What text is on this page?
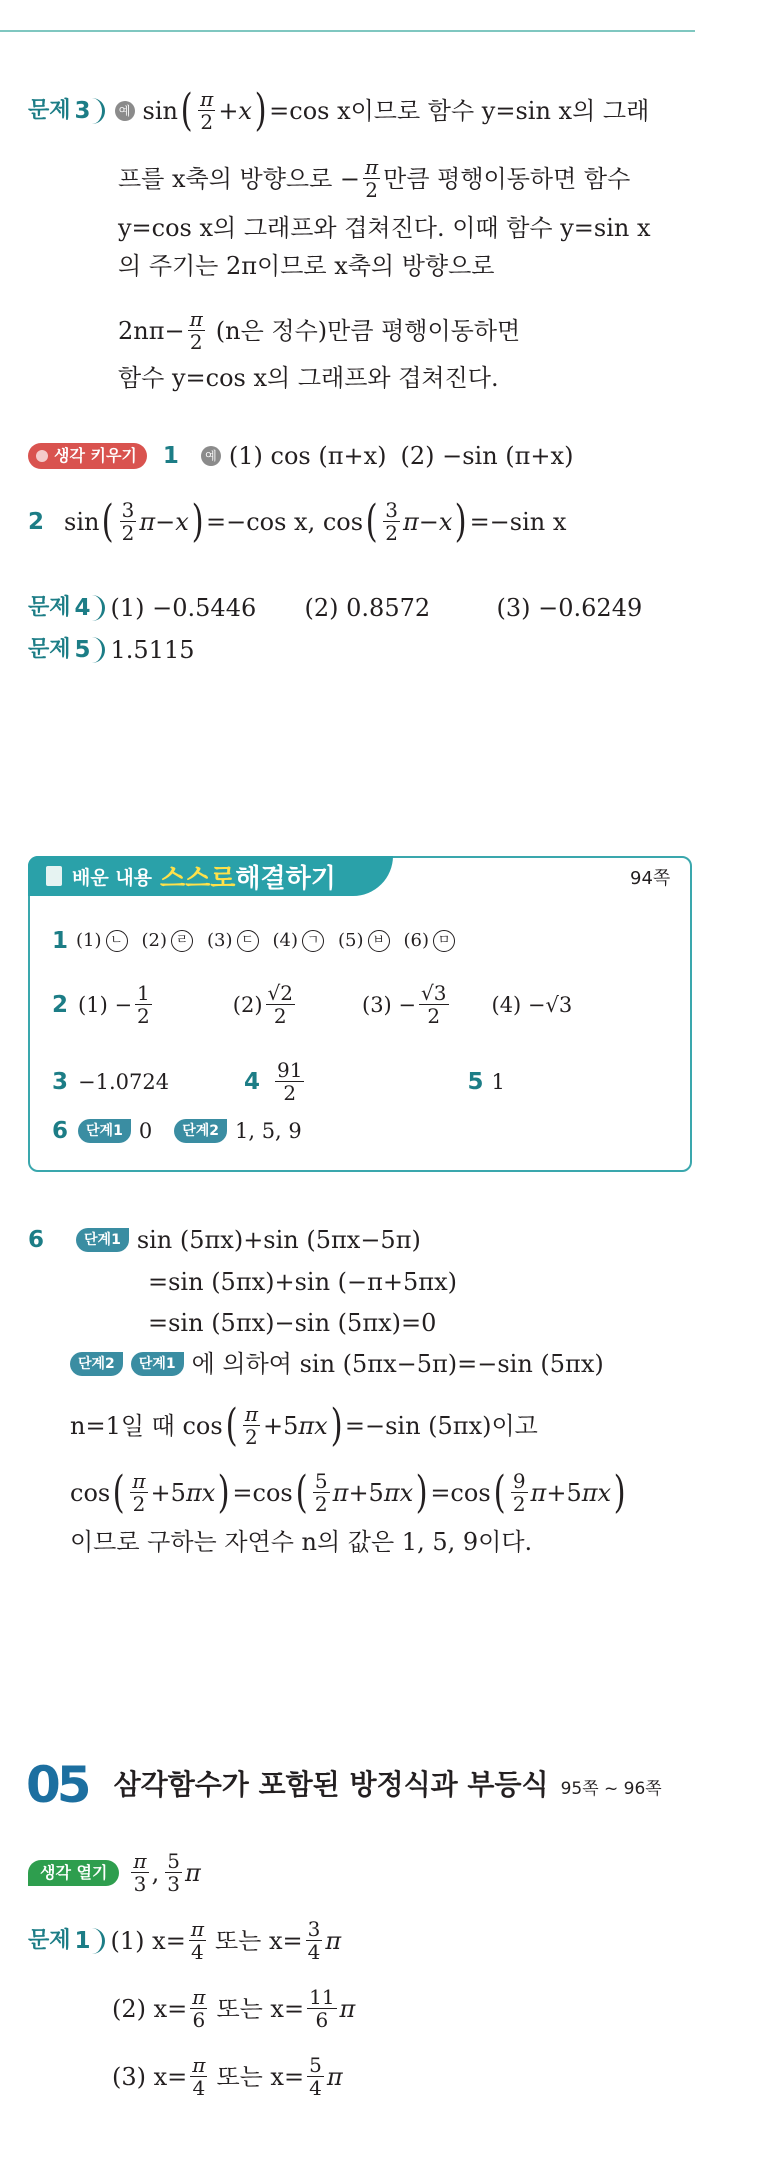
문제 3	예 sin ( $\frac{\pi}{2} +x$ ) =cos x이므로 함수 y=sin x의 그래
프를 x축의 방향으로 − $\frac{\pi}{2}$ 만큼 평행이동하면 함수
y=cos x의 그래프와 겹쳐진다. 이때 함수 y=sin x
의 주기는 2π이므로 x축의 방향으로
$2n\pi- \frac{\pi}{2} (n$은 정수)만큼 평행이동하면
함수 y=cos x의 그래프와 겹쳐진다.
생각 키우기 1	예 (1) cos (π+x) (2) −sin (π+x)
2 sin ( $\frac{3}{2} \pi-x$ ) =−cos x, cos ( $\frac{3}{2} \pi-x$ ) =−sin x
문제 4 (1) −0.5446	(2) 0.8572	(3) −0.6249
문제 5 1.5115
배운 내용 스스로 해결하기	94쪽
1 (1) ㄴ (2) ㄹ (3) ㄷ (4) ㄱ (5) ㅂ (6) ㅁ
2 $(1) - \frac{1}{2}$	$(2) \frac{√2}{2}$	$(3) - \frac{√3}{2} (4) -√3$
3 −1.0724	$4 \frac{91}{2}$	5 1
6	단계1 0	단계2 1, 5, 9
6	단계1 sin (5πx)+sin (5πx−5π)
=sin (5πx)+sin (−π+5πx)
=sin (5πx)−sin (5πx)=0
단계2	단계1 에 의하여 sin (5πx−5π)=−sin (5πx)
n=1일 때 cos ( $\frac{\pi}{2} +5\pi x$ ) =−sin (5πx)이고
cos ( $\frac{\pi}{2} +5\pi x$ ) =cos ( $\frac{5}{2} \pi+5\pi x$ ) =cos ( $\frac{9}{2} \pi+5\pi x$ )
이므로 구하는 자연수 n의 값은 1, 5, 9이다.
05 삼각함수가 포함된 방정식과 부등식 95쪽 ~ 96쪽
생각 열기	$\frac{\pi}{3}$ , $\frac{5}{3}$ π
문제 1 (1) $x= \frac{\pi}{4}$ 또는 $x= \frac{3}{4}$ π
(2) $x= \frac{\pi}{6}$ 또는 $x= \frac{11}{6}$ π
(3) $x= \frac{\pi}{4}$ 또는 $x= \frac{5}{4}$ π
